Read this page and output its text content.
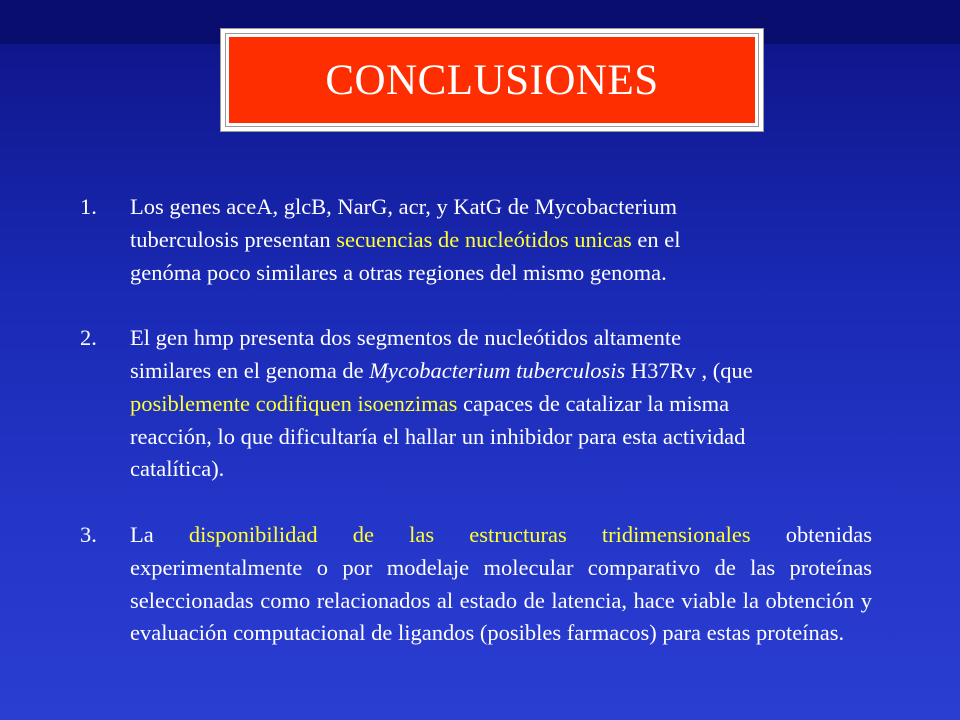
CONCLUSIONES
1.	Los genes aceA, glcB, NarG, acr, y KatG de Mycobacterium
tuberculosis presentan secuencias de nucleótidos unicas en el
genóma poco similares a otras regiones del mismo genoma.
2.	El gen hmp presenta dos segmentos de nucleótidos altamente
similares en el genoma de Mycobacterium tuberculosis H37Rv , (que
posiblemente codifiquen isoenzimas capaces de catalizar la misma
reacción, lo que dificultaría el hallar un inhibidor para esta actividad
catalítica).
3.	La disponibilidad de las estructuras tridimensionales obtenidas experimentalmente o por modelaje molecular comparativo de las proteínas seleccionadas como relacionados al estado de latencia, hace viable la obtención y evaluación computacional de ligandos (posibles farmacos) para estas proteínas.
